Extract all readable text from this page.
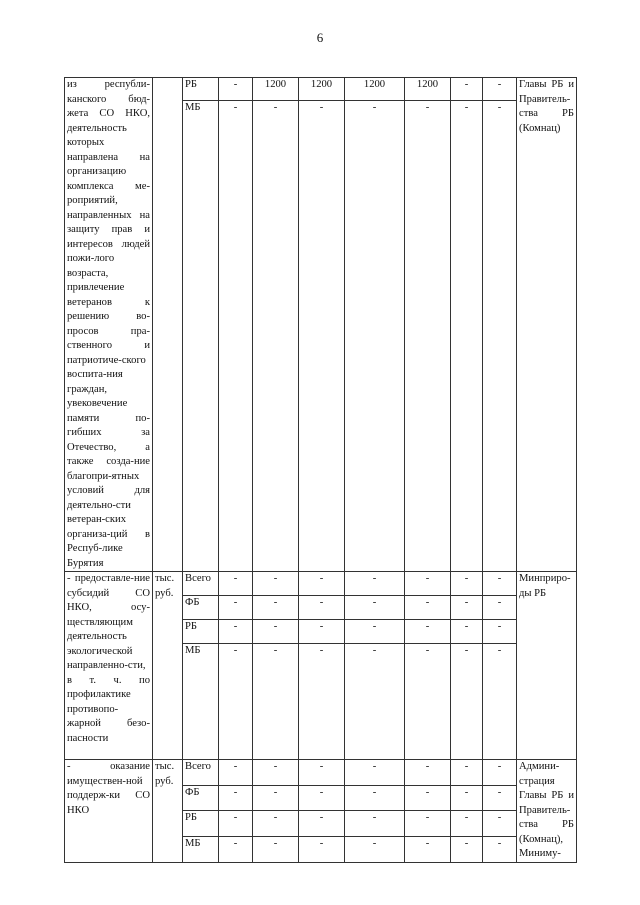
6
из республи-канского бюд-жета СО НКО, деятельность которых направлена на организацию комплекса ме-роприятий, направленных на защиту прав и интересов людей пожи-лого возраста, привлечение ветеранов к решению во-просов пра-ственного и патриотиче-ского воспита-ния граждан, увековечение памяти по-гибших за Отечество, а также созда-ние благопри-ятных условий для деятельно-сти ветеран-ских организа-ций в Респуб-лике Бурятия		РБ	-	1200	1200	1200	1200	-	-	Главы РБ и Правитель-ства РБ (Комнац)
		МБ	-	-	-	-	-	-	-	
- предоставле-ние субсидий СО НКО, осу-ществляющим деятельность экологической направленно-сти, в т. ч. по профилактике противопо-жарной безо-пасности	тыс. руб.	Всего	-	-	-	-	-	-	-	Минприро-ды РБ
		ФБ	-	-	-	-	-	-	-	
		РБ	-	-	-	-	-	-	-	
		МБ	-	-	-	-	-	-	-	
- оказание имуществен-ной поддерж-ки СО НКО	тыс. руб.	Всего	-	-	-	-	-	-	-	Админи-страция Главы РБ и Правитель-ства РБ (Комнац), Миниму-
		ФБ	-	-	-	-	-	-	-	
		РБ	-	-	-	-	-	-	-	
		МБ	-	-	-	-	-	-	-	
